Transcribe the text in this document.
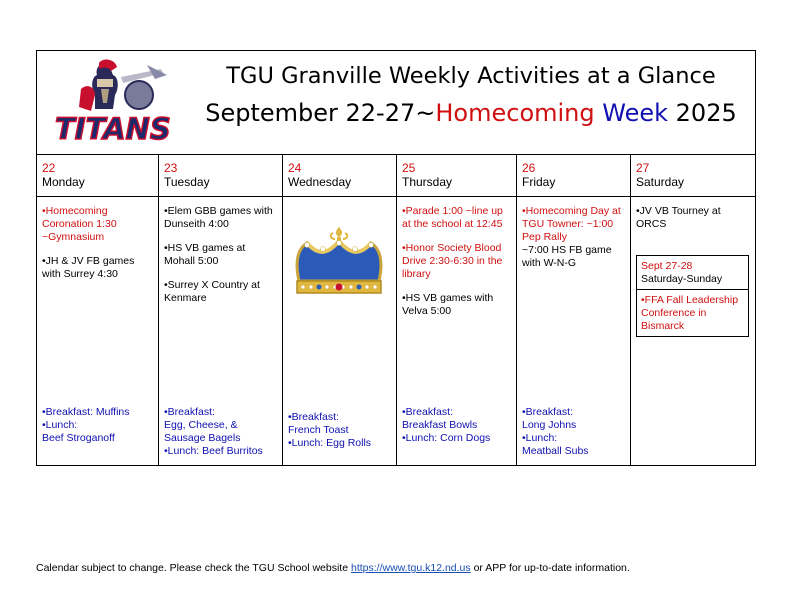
TITANS
TGU Granville Weekly Activities at a Glance
September 22-27~Homecoming Week 2025
22
Monday
23
Tuesday
24
Wednesday
25
Thursday
26
Friday
27
Saturday

•Homecoming Coronation 1:30 ~Gymnasium

•JH & JV FB games with Surrey 4:30

•Breakfast: Muffins
•Lunch:
Beef Stroganoff

•Elem GBB games with Dunseith 4:00

•HS VB games at Mohall 5:00

•Surrey X Country at Kenmare

•Breakfast:
Egg, Cheese, & Sausage Bagels
•Lunch: Beef Burritos
•Breakfast:
French Toast
•Lunch: Egg Rolls

•Parade 1:00 ~line up at the school at 12:45

•Honor Society Blood Drive 2:30-6:30 in the library

•HS VB games with Velva 5:00

•Breakfast:
Breakfast Bowls
•Lunch: Corn Dogs
•Homecoming Day at TGU Towner: ~1:00 Pep Rally
~7:00 HS FB game with W-N-G
•Breakfast:
Long Johns
•Lunch:
Meatball Subs
•JV VB Tourney at ORCS
Sept 27-28
Saturday-Sunday
•FFA Fall Leadership Conference in Bismarck
Calendar subject to change. Please check the TGU School website https://www.tgu.k12.nd.us or APP for up-to-date information.
